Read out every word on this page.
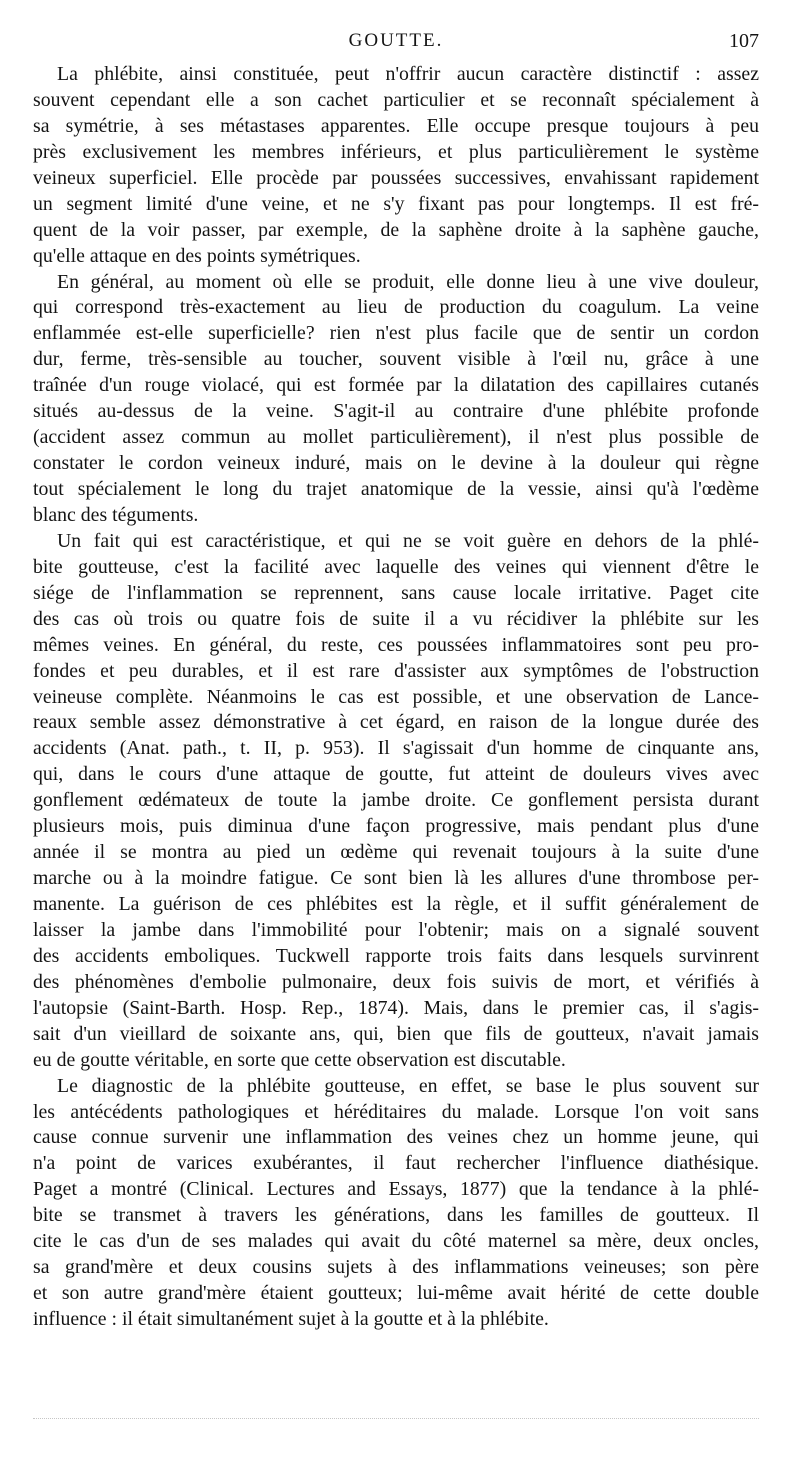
GOUTTE.	107
La phlébite, ainsi constituée, peut n'offrir aucun caractère distinctif : assez
souvent cependant elle a son cachet particulier et se reconnaît spécialement à
sa symétrie, à ses métastases apparentes. Elle occupe presque toujours à peu
près exclusivement les membres inférieurs, et plus particulièrement le système
veineux superficiel. Elle procède par poussées successives, envahissant rapidement
un segment limité d'une veine, et ne s'y fixant pas pour longtemps. Il est fré-
quent de la voir passer, par exemple, de la saphène droite à la saphène gauche,
qu'elle attaque en des points symétriques.
En général, au moment où elle se produit, elle donne lieu à une vive douleur,
qui correspond très-exactement au lieu de production du coagulum. La veine
enflammée est-elle superficielle? rien n'est plus facile que de sentir un cordon
dur, ferme, très-sensible au toucher, souvent visible à l'œil nu, grâce à une
traînée d'un rouge violacé, qui est formée par la dilatation des capillaires cutanés
situés au-dessus de la veine. S'agit-il au contraire d'une phlébite profonde
(accident assez commun au mollet particulièrement), il n'est plus possible de
constater le cordon veineux induré, mais on le devine à la douleur qui règne
tout spécialement le long du trajet anatomique de la vessie, ainsi qu'à l'œdème
blanc des téguments.
Un fait qui est caractéristique, et qui ne se voit guère en dehors de la phlé-
bite goutteuse, c'est la facilité avec laquelle des veines qui viennent d'être le
siége de l'inflammation se reprennent, sans cause locale irritative. Paget cite
des cas où trois ou quatre fois de suite il a vu récidiver la phlébite sur les
mêmes veines. En général, du reste, ces poussées inflammatoires sont peu pro-
fondes et peu durables, et il est rare d'assister aux symptômes de l'obstruction
veineuse complète. Néanmoins le cas est possible, et une observation de Lance-
reaux semble assez démonstrative à cet égard, en raison de la longue durée des
accidents (Anat. path., t. II, p. 953). Il s'agissait d'un homme de cinquante ans,
qui, dans le cours d'une attaque de goutte, fut atteint de douleurs vives avec
gonflement œdémateux de toute la jambe droite. Ce gonflement persista durant
plusieurs mois, puis diminua d'une façon progressive, mais pendant plus d'une
année il se montra au pied un œdème qui revenait toujours à la suite d'une
marche ou à la moindre fatigue. Ce sont bien là les allures d'une thrombose per-
manente. La guérison de ces phlébites est la règle, et il suffit généralement de
laisser la jambe dans l'immobilité pour l'obtenir; mais on a signalé souvent
des accidents emboliques. Tuckwell rapporte trois faits dans lesquels survinrent
des phénomènes d'embolie pulmonaire, deux fois suivis de mort, et vérifiés à
l'autopsie (Saint-Barth. Hosp. Rep., 1874). Mais, dans le premier cas, il s'agis-
sait d'un vieillard de soixante ans, qui, bien que fils de goutteux, n'avait jamais
eu de goutte véritable, en sorte que cette observation est discutable.
Le diagnostic de la phlébite goutteuse, en effet, se base le plus souvent sur
les antécédents pathologiques et héréditaires du malade. Lorsque l'on voit sans
cause connue survenir une inflammation des veines chez un homme jeune, qui
n'a point de varices exubérantes, il faut rechercher l'influence diathésique.
Paget a montré (Clinical. Lectures and Essays, 1877) que la tendance à la phlé-
bite se transmet à travers les générations, dans les familles de goutteux. Il
cite le cas d'un de ses malades qui avait du côté maternel sa mère, deux oncles,
sa grand'mère et deux cousins sujets à des inflammations veineuses; son père
et son autre grand'mère étaient goutteux; lui-même avait hérité de cette double
influence : il était simultanément sujet à la goutte et à la phlébite.
